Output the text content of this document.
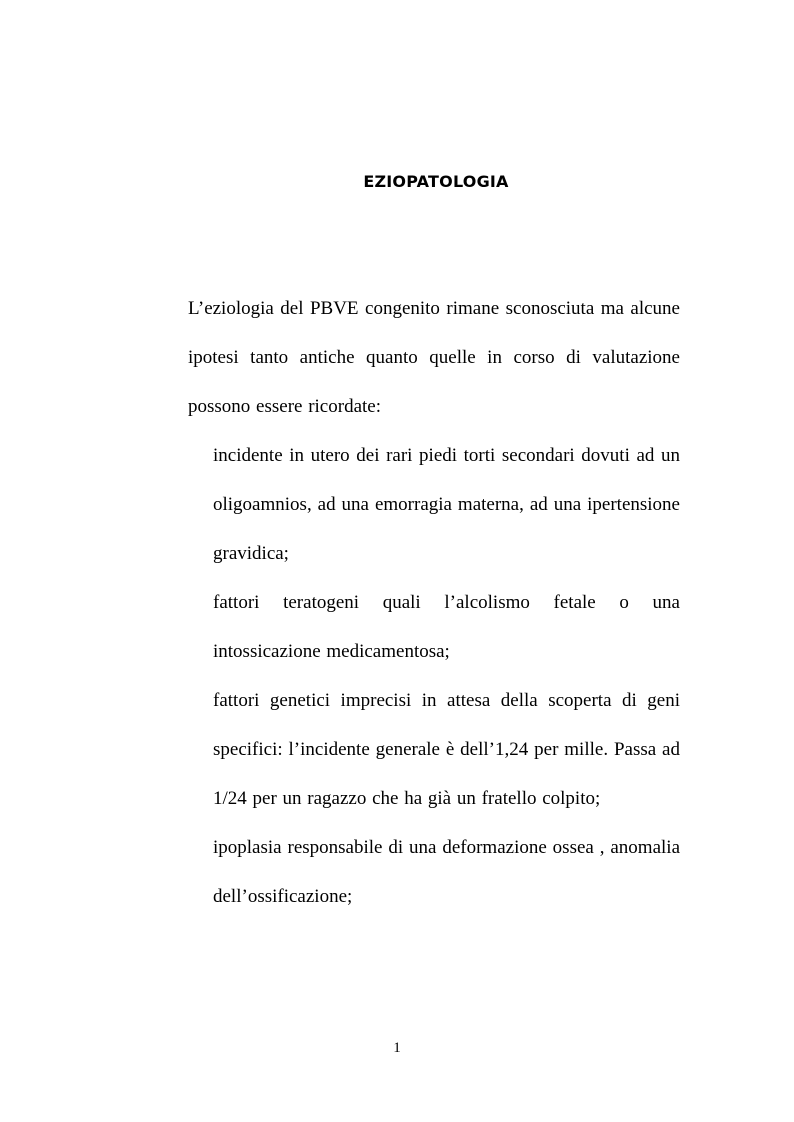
EZIOPATOLOGIA
L’eziologia del PBVE congenito rimane sconosciuta ma alcune ipotesi tanto antiche quanto quelle in corso di valutazione possono essere ricordate:
incidente in utero dei rari piedi torti secondari dovuti ad un oligoamnios, ad una emorragia materna, ad una ipertensione gravidica;
fattori teratogeni quali l’alcolismo fetale o una intossicazione medicamentosa;
fattori genetici imprecisi in attesa della scoperta di geni specifici: l’incidente generale è dell’1,24 per mille. Passa ad 1/24 per un ragazzo che ha già un fratello colpito;
ipoplasia responsabile di una deformazione ossea , anomalia dell’ossificazione;
1
